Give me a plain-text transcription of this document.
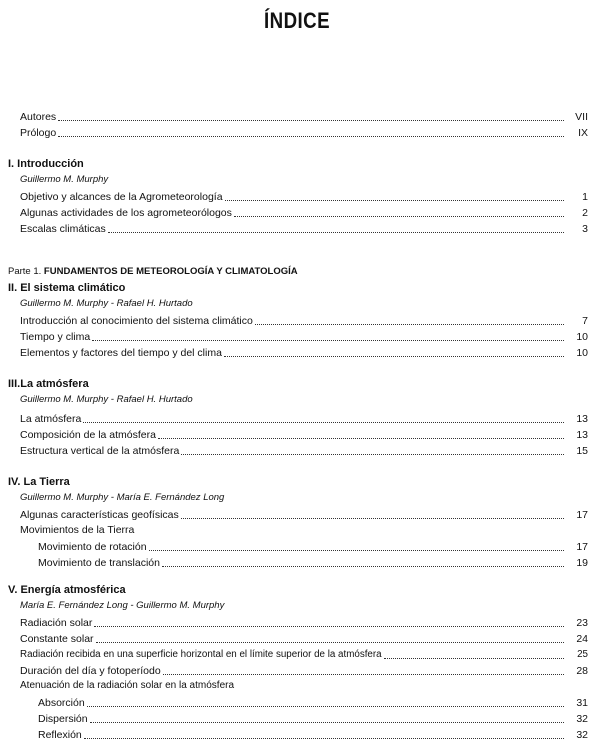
ÍNDICE
Autores	VII
Prólogo	IX
I. Introducción
Guillermo M. Murphy
Objetivo y alcances de la Agrometeorología	1
Algunas actividades de los agrometeorólogos	2
Escalas climáticas	3
Parte 1. FUNDAMENTOS DE METEOROLOGÍA Y CLIMATOLOGÍA
II. El sistema climático
Guillermo M. Murphy - Rafael H. Hurtado
Introducción al conocimiento del sistema climático	7
Tiempo y clima	10
Elementos y factores del tiempo y del clima	10
III.La atmósfera
Guillermo M. Murphy - Rafael H. Hurtado
La atmósfera	13
Composición de la atmósfera	13
Estructura vertical de la atmósfera	15
IV. La Tierra
Guillermo M. Murphy - María E. Fernández Long
Algunas características geofísicas	17
Movimientos de la Tierra
Movimiento de rotación	17
Movimiento de translación	19
V. Energía atmosférica
María E. Fernández Long - Guillermo M. Murphy
Radiación solar	23
Constante solar	24
Radiación recibida en una superficie horizontal en el límite superior de la atmósfera	25
Duración del día y fotoperíodo	28
Atenuación de la radiación solar en la atmósfera
Absorción	31
Dispersión	32
Reflexión	32
